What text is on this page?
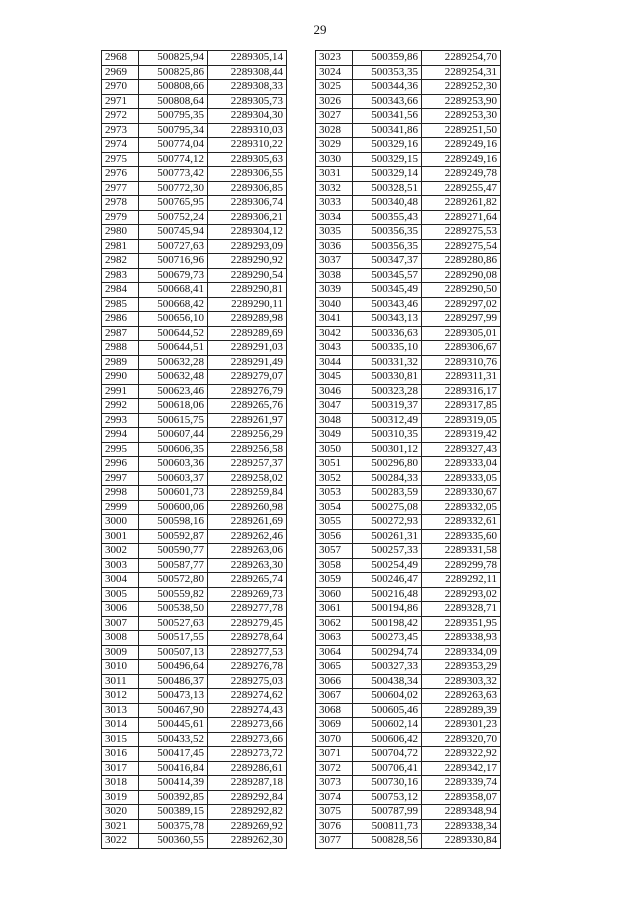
29
2968	500825,94	2289305,14
2969	500825,86	2289308,44
2970	500808,66	2289308,33
2971	500808,64	2289305,73
2972	500795,35	2289304,30
2973	500795,34	2289310,03
2974	500774,04	2289310,22
2975	500774,12	2289305,63
2976	500773,42	2289306,55
2977	500772,30	2289306,85
2978	500765,95	2289306,74
2979	500752,24	2289306,21
2980	500745,94	2289304,12
2981	500727,63	2289293,09
2982	500716,96	2289290,92
2983	500679,73	2289290,54
2984	500668,41	2289290,81
2985	500668,42	2289290,11
2986	500656,10	2289289,98
2987	500644,52	2289289,69
2988	500644,51	2289291,03
2989	500632,28	2289291,49
2990	500632,48	2289279,07
2991	500623,46	2289276,79
2992	500618,06	2289265,76
2993	500615,75	2289261,97
2994	500607,44	2289256,29
2995	500606,35	2289256,58
2996	500603,36	2289257,37
2997	500603,37	2289258,02
2998	500601,73	2289259,84
2999	500600,06	2289260,98
3000	500598,16	2289261,69
3001	500592,87	2289262,46
3002	500590,77	2289263,06
3003	500587,77	2289263,30
3004	500572,80	2289265,74
3005	500559,82	2289269,73
3006	500538,50	2289277,78
3007	500527,63	2289279,45
3008	500517,55	2289278,64
3009	500507,13	2289277,53
3010	500496,64	2289276,78
3011	500486,37	2289275,03
3012	500473,13	2289274,62
3013	500467,90	2289274,43
3014	500445,61	2289273,66
3015	500433,52	2289273,66
3016	500417,45	2289273,72
3017	500416,84	2289286,61
3018	500414,39	2289287,18
3019	500392,85	2289292,84
3020	500389,15	2289292,82
3021	500375,78	2289269,92
3022	500360,55	2289262,30
3023	500359,86	2289254,70
3024	500353,35	2289254,31
3025	500344,36	2289252,30
3026	500343,66	2289253,90
3027	500341,56	2289253,30
3028	500341,86	2289251,50
3029	500329,16	2289249,16
3030	500329,15	2289249,16
3031	500329,14	2289249,78
3032	500328,51	2289255,47
3033	500340,48	2289261,82
3034	500355,43	2289271,64
3035	500356,35	2289275,53
3036	500356,35	2289275,54
3037	500347,37	2289280,86
3038	500345,57	2289290,08
3039	500345,49	2289290,50
3040	500343,46	2289297,02
3041	500343,13	2289297,99
3042	500336,63	2289305,01
3043	500335,10	2289306,67
3044	500331,32	2289310,76
3045	500330,81	2289311,31
3046	500323,28	2289316,17
3047	500319,37	2289317,85
3048	500312,49	2289319,05
3049	500310,35	2289319,42
3050	500301,12	2289327,43
3051	500296,80	2289333,04
3052	500284,33	2289333,05
3053	500283,59	2289330,67
3054	500275,08	2289332,05
3055	500272,93	2289332,61
3056	500261,31	2289335,60
3057	500257,33	2289331,58
3058	500254,49	2289299,78
3059	500246,47	2289292,11
3060	500216,48	2289293,02
3061	500194,86	2289328,71
3062	500198,42	2289351,95
3063	500273,45	2289338,93
3064	500294,74	2289334,09
3065	500327,33	2289353,29
3066	500438,34	2289303,32
3067	500604,02	2289263,63
3068	500605,46	2289289,39
3069	500602,14	2289301,23
3070	500606,42	2289320,70
3071	500704,72	2289322,92
3072	500706,41	2289342,17
3073	500730,16	2289339,74
3074	500753,12	2289358,07
3075	500787,99	2289348,94
3076	500811,73	2289338,34
3077	500828,56	2289330,84
